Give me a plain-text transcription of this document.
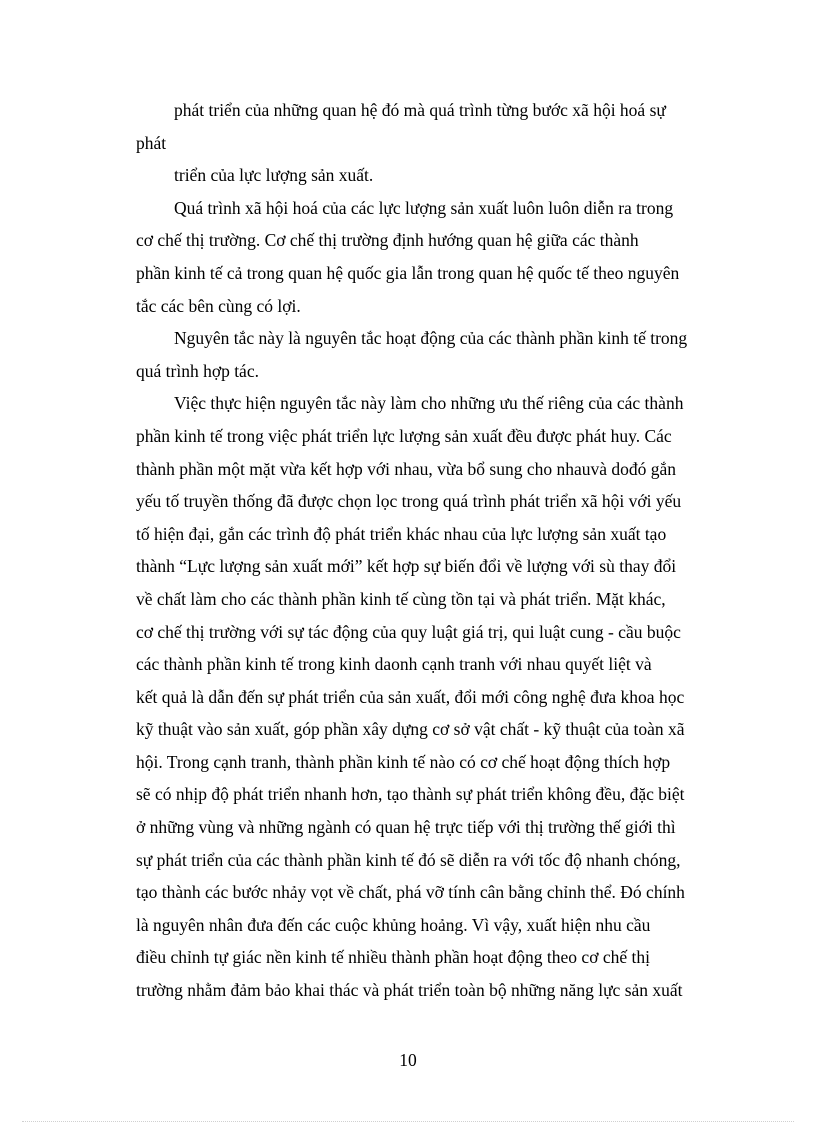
phát triển của những quan hệ đó mà quá trình từng bước xã hội hoá sự
phát
triển của lực lượng sản xuất.
Quá trình xã hội hoá của các lực lượng sản xuất luôn luôn diễn ra trong
cơ chế thị trường. Cơ chế thị trường định hướng quan hệ giữa các thành
phần kinh tế cả trong quan hệ quốc gia lẫn trong quan hệ quốc tế theo nguyên
tắc các bên cùng có lợi.
Nguyên tắc này là nguyên tắc hoạt động của các thành phần kinh tế trong
quá trình hợp tác.
Việc thực hiện nguyên tắc này làm cho những ưu thế riêng của các thành
phần kinh tế trong việc phát triển lực lượng sản xuất đều được phát huy. Các
thành phần một mặt vừa kết hợp với nhau, vừa bổ sung cho nhauvà dođó gắn
yếu tố truyền thống đã được chọn lọc trong quá trình phát triển xã hội với yếu
tố hiện đại, gắn các trình độ phát triển khác nhau của lực lượng sản xuất tạo
thành “Lực lượng sản xuất mới” kết hợp sự biến đổi về lượng với sù thay đổi
về chất làm cho các thành phần kinh tế cùng tồn tại và phát triển. Mặt khác,
cơ chế thị trường với sự tác động của quy luật giá trị, qui luật cung - cầu buộc
các thành phần kinh tế trong kinh daonh cạnh tranh với nhau quyết liệt và
kết quả là dẫn đến sự phát triển của sản xuất, đổi mới công nghệ đưa khoa học
kỹ thuật vào sản xuất, góp phần xây dựng cơ sở vật chất - kỹ thuật của toàn xã
hội. Trong cạnh tranh, thành phần kinh tế nào có cơ chế hoạt động thích hợp
sẽ có nhịp độ phát triển nhanh hơn, tạo thành sự phát triển không đều, đặc biệt
ở những vùng và những ngành có quan hệ trực tiếp với thị trường thế giới thì
sự phát triển của các thành phần kinh tế đó sẽ diễn ra với tốc độ nhanh chóng,
tạo thành các bước nhảy vọt về chất, phá vỡ tính cân bằng chỉnh thể. Đó chính
là nguyên nhân đưa đến các cuộc khủng hoảng. Vì vậy, xuất hiện nhu cầu
điều chỉnh tự giác nền kinh tế nhiều thành phần hoạt động theo cơ chế thị
trường nhằm đảm bảo khai thác và phát triển toàn bộ những năng lực sản xuất
10
